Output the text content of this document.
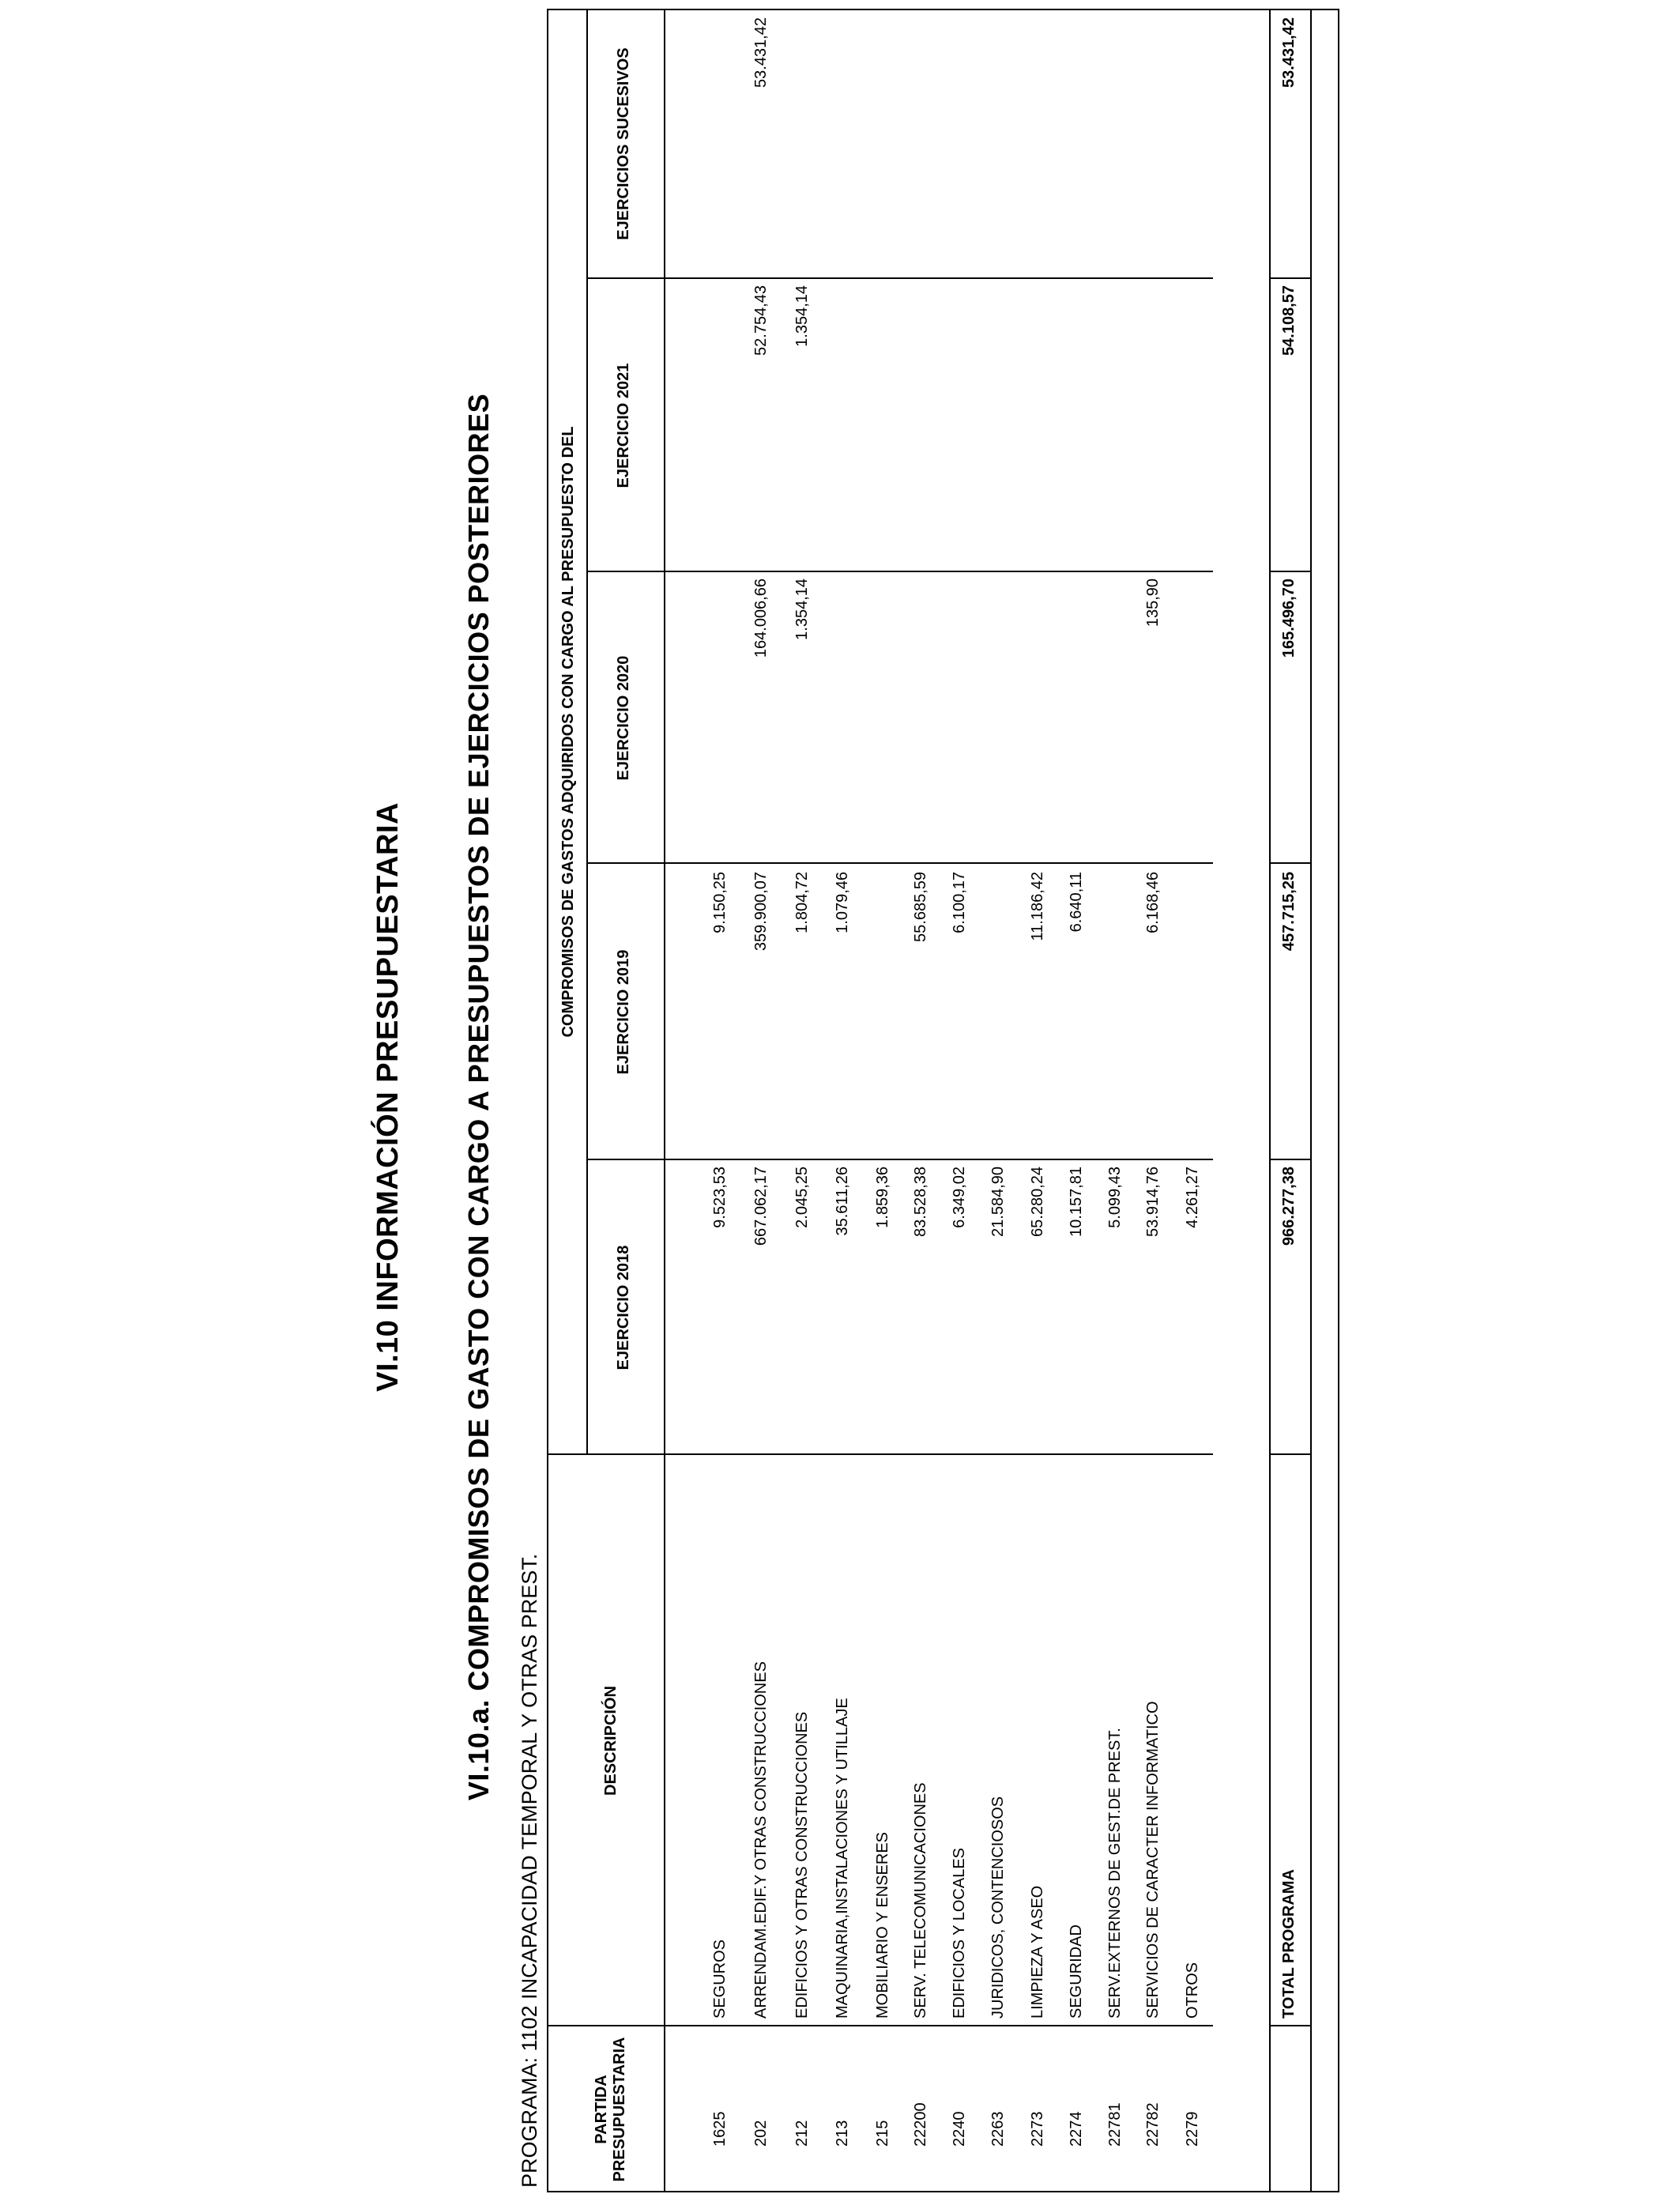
VI.10 INFORMACIÓN PRESUPUESTARIA VI.10.a. COMPROMISOS DE GASTO CON CARGO A PRESUPUESTOS DE EJERCICIOS POSTERIORES
PROGRAMA: 1102 INCAPACIDAD TEMPORAL Y OTRAS PREST.	PARTIDA PRESUPUESTARIA
DESCRIPCIÓN
COMPROMISOS DE GASTOS ADQUIRIDOS CON CARGO AL PRESUPUESTO DEL
EJERCICIO 2018
EJERCICIO 2019
EJERCICIO 2020
EJERCICIO 2021
EJERCICIOS SUCESIVOS
1625
SEGUROS
9.523,53
9.150,25
202
ARRENDAM.EDIF.Y OTRAS CONSTRUCCIONES
667.062,17
359.900,07
164.006,66
52.754,43
53.431,42
212
EDIFICIOS Y OTRAS CONSTRUCCIONES
2.045,25
1.804,72
1.354,14
1.354,14
213
MAQUINARIA,INSTALACIONES Y UTILLAJE
35.611,26
1.079,46
215
MOBILIARIO Y ENSERES
1.859,36
22200
SERV. TELECOMUNICACIONES
83.528,38
55.685,59
2240
EDIFICIOS Y LOCALES
6.349,02
6.100,17
2263
JURIDICOS, CONTENCIOSOS
21.584,90
2273
LIMPIEZA Y ASEO
65.280,24
11.186,42
2274
SEGURIDAD
10.157,81
6.640,11
22781
SERV.EXTERNOS DE GEST.DE PREST.
5.099,43
22782
SERVICIOS DE CARACTER INFORMATICO
53.914,76
6.168,46
135,90
2279
OTROS
4.261,27
TOTAL PROGRAMA
966.277,38
457.715,25
165.496,70
54.108,57
53.431,42
